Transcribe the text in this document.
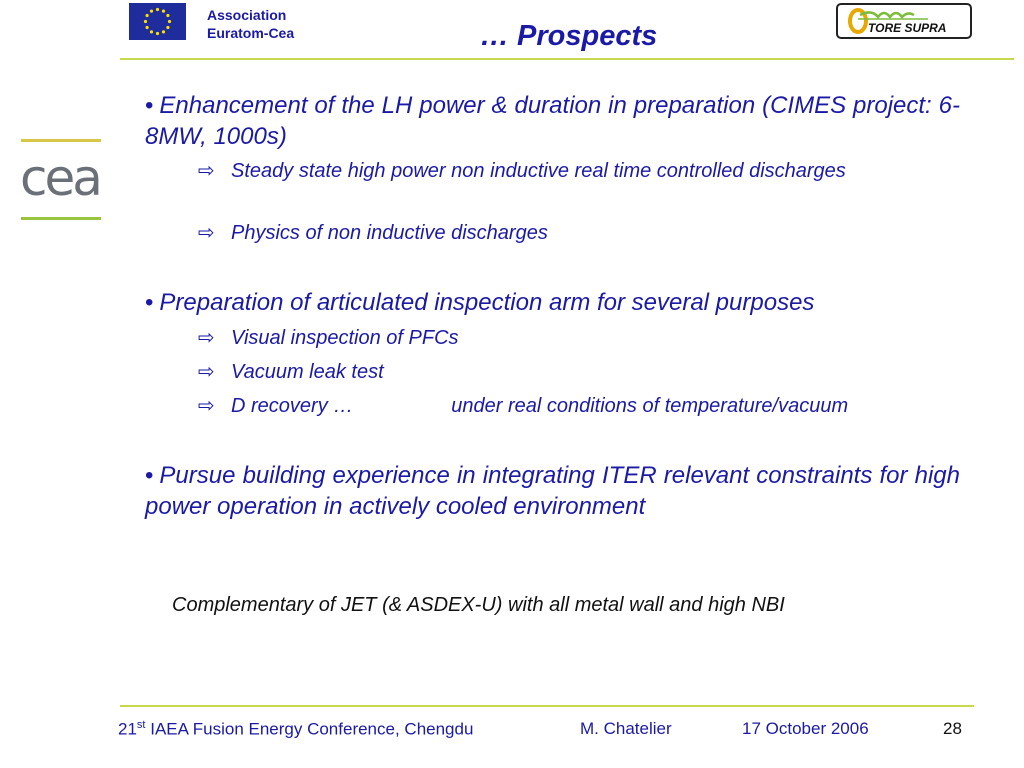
Association
Euratom-Cea	… Prospects	TORE SUPRA
cea
• Enhancement of the LH power & duration in preparation (CIMES project: 6-8MW, 1000s)
⇨ Steady state high power non inductive real time controlled discharges
⇨ Physics of non inductive discharges
• Preparation of articulated inspection arm for several purposes
⇨ Visual inspection of PFCs
⇨ Vacuum leak test
⇨ D recovery …	under real conditions of temperature/vacuum
• Pursue building experience in integrating ITER relevant constraints for high power operation in actively cooled environment
Complementary of JET (& ASDEX-U) with all metal wall and high NBI
21st IAEA Fusion Energy Conference, Chengdu	M. Chatelier	17 October 2006	28
